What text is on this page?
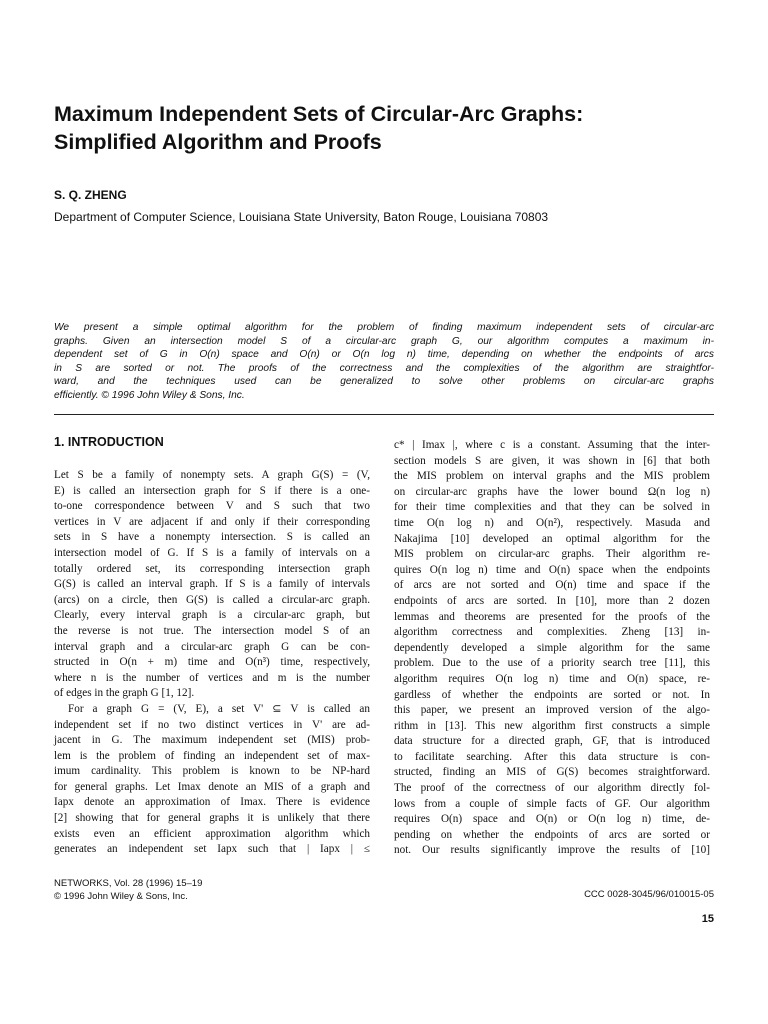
Maximum Independent Sets of Circular-Arc Graphs:
Simplified Algorithm and Proofs
S. Q. ZHENG
Department of Computer Science, Louisiana State University, Baton Rouge, Louisiana 70803
We present a simple optimal algorithm for the problem of finding maximum independent sets of circular-arc
graphs. Given an intersection model S of a circular-arc graph G, our algorithm computes a maximum in-
dependent set of G in O(n) space and O(n) or O(n log n) time, depending on whether the endpoints of arcs
in S are sorted or not. The proofs of the correctness and the complexities of the algorithm are straightfor-
ward, and the techniques used can be generalized to solve other problems on circular-arc graphs
efficiently. © 1996 John Wiley & Sons, Inc.
1. INTRODUCTION
Let S be a family of nonempty sets. A graph G(S) = (V,
E) is called an intersection graph for S if there is a one-
to-one correspondence between V and S such that two
vertices in V are adjacent if and only if their corresponding
sets in S have a nonempty intersection. S is called an
intersection model of G. If S is a family of intervals on a
totally ordered set, its corresponding intersection graph
G(S) is called an interval graph. If S is a family of intervals
(arcs) on a circle, then G(S) is called a circular-arc graph.
Clearly, every interval graph is a circular-arc graph, but
the reverse is not true. The intersection model S of an
interval graph and a circular-arc graph G can be con-
structed in O(n + m) time and O(n³) time, respectively,
where n is the number of vertices and m is the number
of edges in the graph G [1, 12].
For a graph G = (V, E), a set V' ⊆ V is called an
independent set if no two distinct vertices in V' are ad-
jacent in G. The maximum independent set (MIS) prob-
lem is the problem of finding an independent set of max-
imum cardinality. This problem is known to be NP-hard
for general graphs. Let Imax denote an MIS of a graph and
Iapx denote an approximation of Imax. There is evidence
[2] showing that for general graphs it is unlikely that there
exists even an efficient approximation algorithm which
generates an independent set Iapx such that | Iapx | ≤
c* | Imax |, where c is a constant. Assuming that the inter-
section models S are given, it was shown in [6] that both
the MIS problem on interval graphs and the MIS problem
on circular-arc graphs have the lower bound Ω(n log n)
for their time complexities and that they can be solved in
time O(n log n) and O(n²), respectively. Masuda and
Nakajima [10] developed an optimal algorithm for the
MIS problem on circular-arc graphs. Their algorithm re-
quires O(n log n) time and O(n) space when the endpoints
of arcs are not sorted and O(n) time and space if the
endpoints of arcs are sorted. In [10], more than 2 dozen
lemmas and theorems are presented for the proofs of the
algorithm correctness and complexities. Zheng [13] in-
dependently developed a simple algorithm for the same
problem. Due to the use of a priority search tree [11], this
algorithm requires O(n log n) time and O(n) space, re-
gardless of whether the endpoints are sorted or not. In
this paper, we present an improved version of the algo-
rithm in [13]. This new algorithm first constructs a simple
data structure for a directed graph, GF, that is introduced
to facilitate searching. After this data structure is con-
structed, finding an MIS of G(S) becomes straightforward.
The proof of the correctness of our algorithm directly fol-
lows from a couple of simple facts of GF. Our algorithm
requires O(n) space and O(n) or O(n log n) time, de-
pending on whether the endpoints of arcs are sorted or
not. Our results significantly improve the results of [10]
NETWORKS, Vol. 28 (1996) 15–19
© 1996 John Wiley & Sons, Inc.	CCC 0028-3045/96/010015-05
15
